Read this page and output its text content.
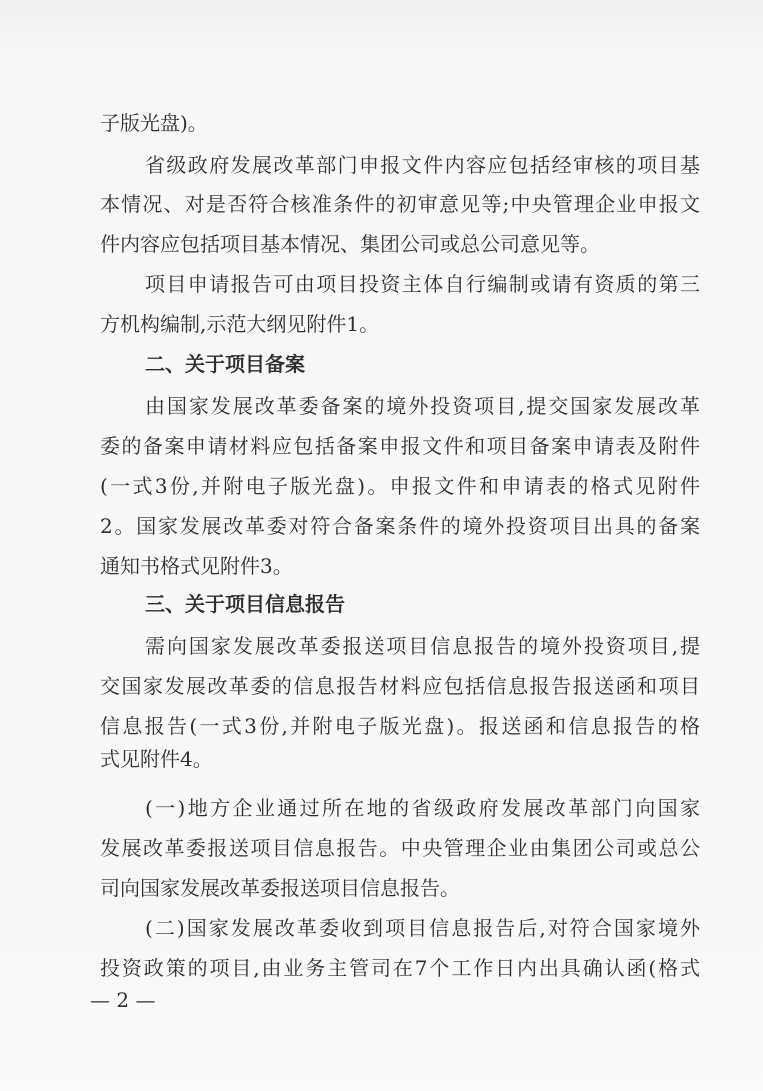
子版光盘)。
省级政府发展改革部门申报文件内容应包括经审核的项目基
本情况、对是否符合核准条件的初审意见等;中央管理企业申报文
件内容应包括项目基本情况、集团公司或总公司意见等。
项目申请报告可由项目投资主体自行编制或请有资质的第三
方机构编制,示范大纲见附件1。
二、关于项目备案
由国家发展改革委备案的境外投资项目,提交国家发展改革
委的备案申请材料应包括备案申报文件和项目备案申请表及附件
(一式3份,并附电子版光盘)。申报文件和申请表的格式见附件
2。国家发展改革委对符合备案条件的境外投资项目出具的备案
通知书格式见附件3。
三、关于项目信息报告
需向国家发展改革委报送项目信息报告的境外投资项目,提
交国家发展改革委的信息报告材料应包括信息报告报送函和项目
信息报告(一式3份,并附电子版光盘)。报送函和信息报告的格
式见附件4。
(一)地方企业通过所在地的省级政府发展改革部门向国家
发展改革委报送项目信息报告。中央管理企业由集团公司或总公
司向国家发展改革委报送项目信息报告。
(二)国家发展改革委收到项目信息报告后,对符合国家境外
投资政策的项目,由业务主管司在7个工作日内出具确认函(格式
— 2 —
